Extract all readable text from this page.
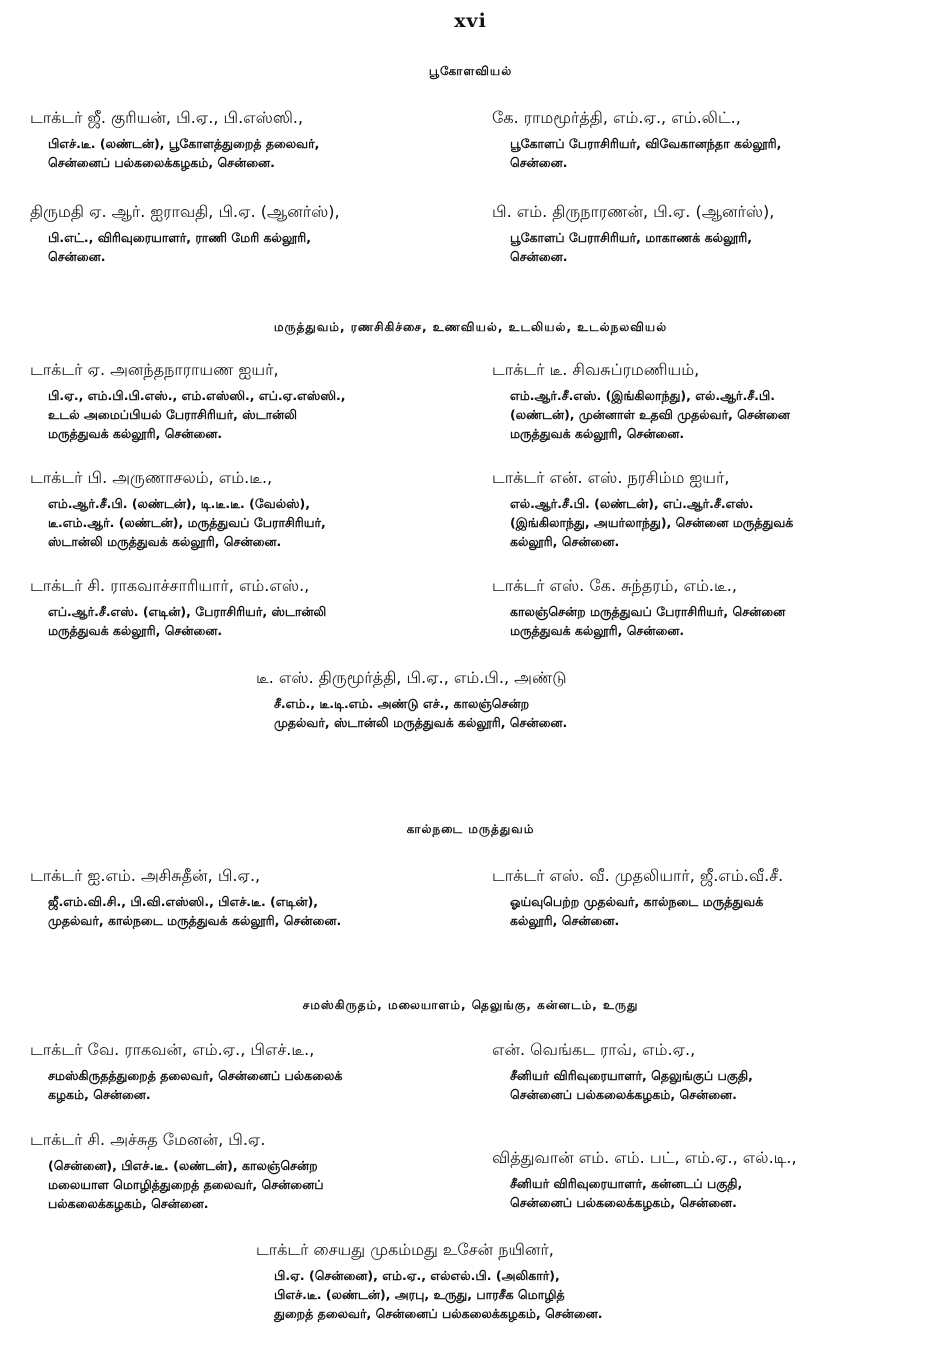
xvi
பூகோளவியல்
டாக்டர் ஜீ. குரியன், பி.ஏ., பி.எஸ்ஸி.,
பிஎச்.டீ. (லண்டன்), பூகோளத்துறைத் தலைவர்,
சென்னைப் பல்கலைக்கழகம், சென்னை.
கே. ராமமூர்த்தி, எம்.ஏ., எம்.லிட்.,
பூகோளப் பேராசிரியர், விவேகானந்தா கல்லூரி,
சென்னை.
திருமதி ஏ. ஆர். ஐராவதி, பி.ஏ. (ஆனர்ஸ்),
பி.எட்., விரிவுரையாளர், ராணி மேரி கல்லூரி,
சென்னை.
பி. எம். திருநாரணன், பி.ஏ. (ஆனர்ஸ்),
பூகோளப் பேராசிரியர், மாகாணக் கல்லூரி,
சென்னை.
மருத்துவம், ரணசிகிச்சை, உணவியல், உடலியல், உடல்நலவியல்
டாக்டர் ஏ. அனந்தநாராயண ஐயர்,
பி.ஏ., எம்.பி.பி.எஸ்., எம்.எஸ்ஸி., எப்.ஏ.எஸ்ஸி.,
உடல் அமைப்பியல் பேராசிரியர், ஸ்டான்லி
மருத்துவக் கல்லூரி, சென்னை.
டாக்டர் டீ. சிவசுப்ரமணியம்,
எம்.ஆர்.சீ.எஸ். (இங்கிலாந்து), எல்.ஆர்.சீ.பி.
(லண்டன்), முன்னாள் உதவி முதல்வர், சென்னை
மருத்துவக் கல்லூரி, சென்னை.
டாக்டர் பி. அருணாசலம், எம்.டீ.,
எம்.ஆர்.சீ.பி. (லண்டன்), டி.டீ.டீ. (வேல்ஸ்),
டீ.எம்.ஆர். (லண்டன்), மருத்துவப் பேராசிரியர்,
ஸ்டான்லி மருத்துவக் கல்லூரி, சென்னை.
டாக்டர் என். எஸ். நரசிம்ம ஐயர்,
எல்.ஆர்.சீ.பி. (லண்டன்), எப்.ஆர்.சீ.எஸ்.
(இங்கிலாந்து, அயர்லாந்து), சென்னை மருத்துவக்
கல்லூரி, சென்னை.
டாக்டர் சி. ராகவாச்சாரியார், எம்.எஸ்.,
எப்.ஆர்.சீ.எஸ். (எடின்), பேராசிரியர், ஸ்டான்லி
மருத்துவக் கல்லூரி, சென்னை.
டாக்டர் எஸ். கே. சுந்தரம், எம்.டீ.,
காலஞ்சென்ற மருத்துவப் பேராசிரியர், சென்னை
மருத்துவக் கல்லூரி, சென்னை.
டீ. எஸ். திருமூர்த்தி, பி.ஏ., எம்.பி., அண்டு
சீ.எம்., டீ.டி.எம். அண்டு எச்., காலஞ்சென்ற
முதல்வர், ஸ்டான்லி மருத்துவக் கல்லூரி, சென்னை.
கால்நடை மருத்துவம்
டாக்டர் ஐ.எம். அசிசுதீன், பி.ஏ.,
ஜீ.எம்.வி.சி., பி.வி.எஸ்ஸி., பிஎச்.டீ. (எடின்),
முதல்வர், கால்நடை மருத்துவக் கல்லூரி, சென்னை.
டாக்டர் எஸ். வீ. முதலியார், ஜீ.எம்.வீ.சீ.
ஓய்வுபெற்ற முதல்வர், கால்நடை மருத்துவக்
கல்லூரி, சென்னை.
சமஸ்கிருதம், மலையாளம், தெலுங்கு, கன்னடம், உருது
டாக்டர் வே. ராகவன், எம்.ஏ., பிஎச்.டீ.,
சமஸ்கிருதத்துறைத் தலைவர், சென்னைப் பல்கலைக்
கழகம், சென்னை.
என். வெங்கட ராவ், எம்.ஏ.,
சீனியர் விரிவுரையாளர், தெலுங்குப் பகுதி,
சென்னைப் பல்கலைக்கழகம், சென்னை.
டாக்டர் சி. அச்சுத மேனன், பி.ஏ.
(சென்னை), பிஎச்.டீ. (லண்டன்), காலஞ்சென்ற
மலையாள மொழித்துறைத் தலைவர், சென்னைப்
பல்கலைக்கழகம், சென்னை.
வித்துவான் எம். எம். பட், எம்.ஏ., எல்.டி.,
சீனியர் விரிவுரையாளர், கன்னடப் பகுதி,
சென்னைப் பல்கலைக்கழகம், சென்னை.
டாக்டர் சையது முகம்மது உசேன் நயினர்,
பி.ஏ. (சென்னை), எம்.ஏ., எல்எல்.பி. (அலிகார்),
பிஎச்.டீ. (லண்டன்), அரபு, உருது, பாரசீக மொழித்
துறைத் தலைவர், சென்னைப் பல்கலைக்கழகம், சென்னை.
